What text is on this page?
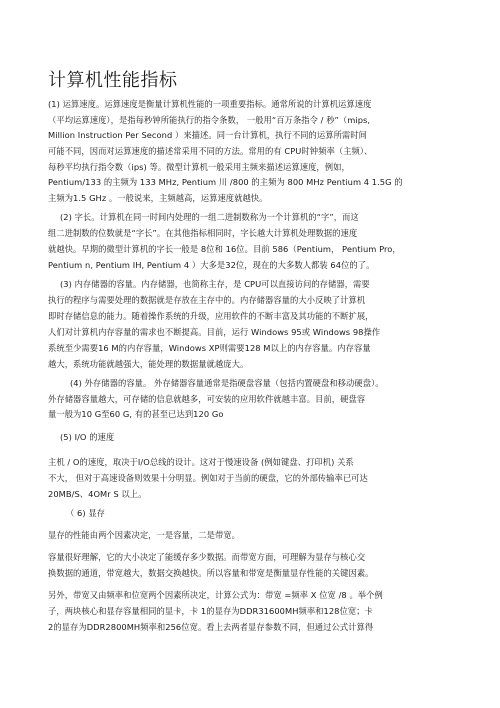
计算机性能指标
(1) 运算速度。运算速度是衡量计算机性能的一项重要指标。通常所说的计算机运算速度
（平均运算速度），是指每秒钟所能执行的指令条数， 一般用“百万条指令 / 秒”（mips,
Million Instruction Per Second ）来描述。同一台计算机，执行不同的运算所需时间
可能不同，因而对运算速度的描述常采用不同的方法。常用的有 CPU时钟频率（主频）、
每秒平均执行指令数（ips) 等。微型计算机一般采用主频来描述运算速度，例如，
Pentium/133 的主频为 133 MHz, Pentium 川 /800 的主频为 800 MHz Pentium 4 1.5G 的
主频为1.5 GHz 。一般说来，主频越高，运算速度就越快。
(2) 字长。计算机在同一时间内处理的一组二进制数称为一个计算机的“字”，而这
组二进制数的位数就是“字长”。在其他指标相同时，字长越大计算机处理数据的速度
就越快。早期的微型计算机的字长一般是 8位和 16位。目前 586（Pentium， Pentium Pro，
Pentium n, Pentium IH, Pentium 4 ）大多是32位，现在的大多数人都装 64位的了。
(3) 内存储器的容量。内存储器，也简称主存，是 CPU可以直接访问的存储器，需要
执行的程序与需要处理的数据就是存放在主存中的。内存储器容量的大小反映了计算机
即时存储信息的能力。随着操作系统的升级，应用软件的不断丰富及其功能的不断扩展，
人们对计算机内存容量的需求也不断提高。目前，运行 Windows 95或 Windows 98操作
系统至少需要16 M的内存容量，Windows XP则需要128 M以上的内存容量。内存容量
越大，系统功能就越强大，能处理的数据量就越庞大。
(4) 外存储器的容量。 外存储器容量通常是指硬盘容量（包括内置硬盘和移动硬盘）。
外存储器容量越大，可存储的信息就越多，可安装的应用软件就越丰富。目前，硬盘容
量一般为10 G至60 G, 有的甚至已达到120 Go
(5) I/O 的速度
主机 / O的速度，取决于I/O总线的设计。这对于慢速设备 (例如键盘、打印机) 关系
不大， 但对于高速设备则效果十分明显。例如对于当前的硬盘，它的外部传输率已可达
20MB/S、4OMr S 以上。
（ 6) 显存
显存的性能由两个因素决定，一是容量，二是带宽。
容量很好理解，它的大小决定了能缓存多少数据。而带宽方面，可理解为显存与核心交
换数据的通道，带宽越大，数据交换越快。所以容量和带宽是衡量显存性能的关键因素。
另外，带宽又由频率和位宽两个因素所决定，计算公式为：带宽 =频率 X 位宽 /8 。举个例
子，两块核心和显存容量相同的显卡，卡 1的显存为DDR31600MH频率和128位宽；卡
2的显存为DDR2800MH频率和256位宽。看上去两者显存参数不同，但通过公式计算得
